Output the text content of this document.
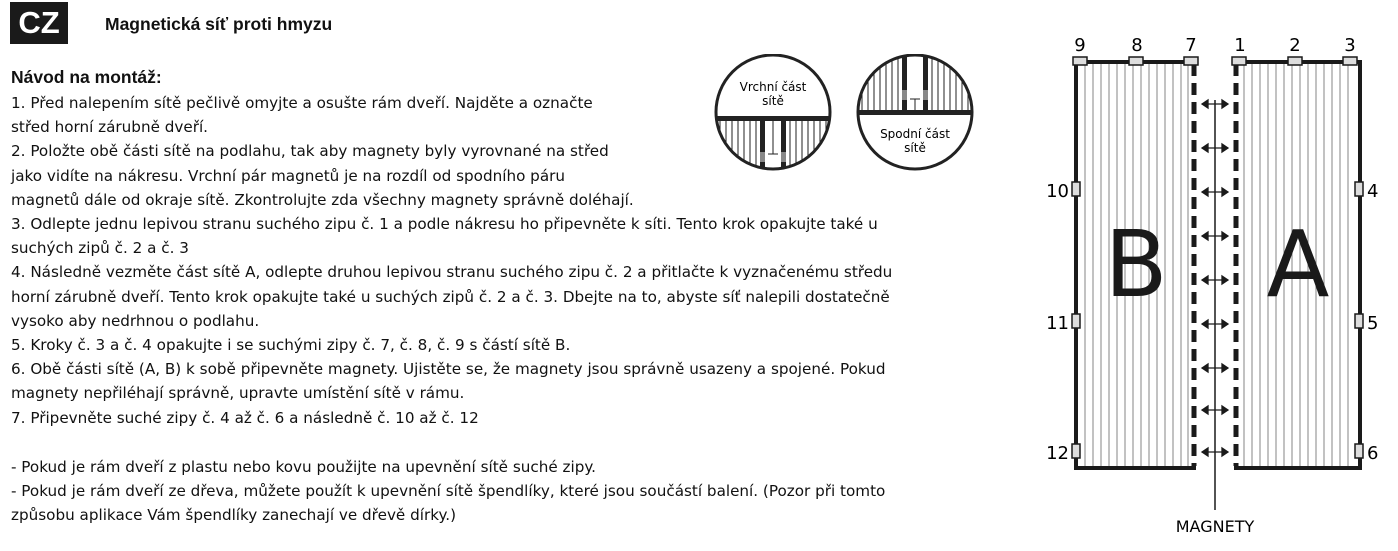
CZ	Magnetická síť proti hmyzu
Návod na montáž:
1. Před nalepením sítě pečlivě omyjte a osušte rám dveří. Najděte a označte
střed horní zárubně dveří.
2. Položte obě části sítě na podlahu, tak aby magnety byly vyrovnané na střed
jako vidíte na nákresu. Vrchní pár magnetů je na rozdíl od spodního páru
magnetů dále od okraje sítě. Zkontrolujte zda všechny magnety správně doléhají.
3. Odlepte jednu lepivou stranu suchého zipu č. 1 a podle nákresu ho připevněte k síti. Tento krok opakujte také u
suchých zipů č. 2 a č. 3
4. Následně vezměte část sítě A, odlepte druhou lepivou stranu suchého zipu č. 2 a přitlačte k vyznačenému středu
horní zárubně dveří. Tento krok opakujte také u suchých zipů č. 2 a č. 3. Dbejte na to, abyste síť nalepili dostatečně
vysoko aby nedrhnou o podlahu.
5. Kroky č. 3 a č. 4 opakujte i se suchými zipy č. 7, č. 8, č. 9 s částí sítě B.
6. Obě části sítě (A, B) k sobě připevněte magnety. Ujistěte se, že magnety jsou správně usazeny a spojené. Pokud
magnety nepřiléhají správně, upravte umístění sítě v rámu.
7. Připevněte suché zipy č. 4 až č. 6 a následně č. 10 až č. 12
- Pokud je rám dveří z plastu nebo kovu použijte na upevnění sítě suché zipy.
- Pokud je rám dveří ze dřeva, můžete použít k upevnění sítě špendlíky, které jsou součástí balení. (Pozor při tomto
způsobu aplikace Vám špendlíky zanechají ve dřevě dírky.)
Vrchní část
sítě
Spodní část
sítě
9	8 7 1 2 3
10
11
12
4
5
6
B A
MAGNETY
